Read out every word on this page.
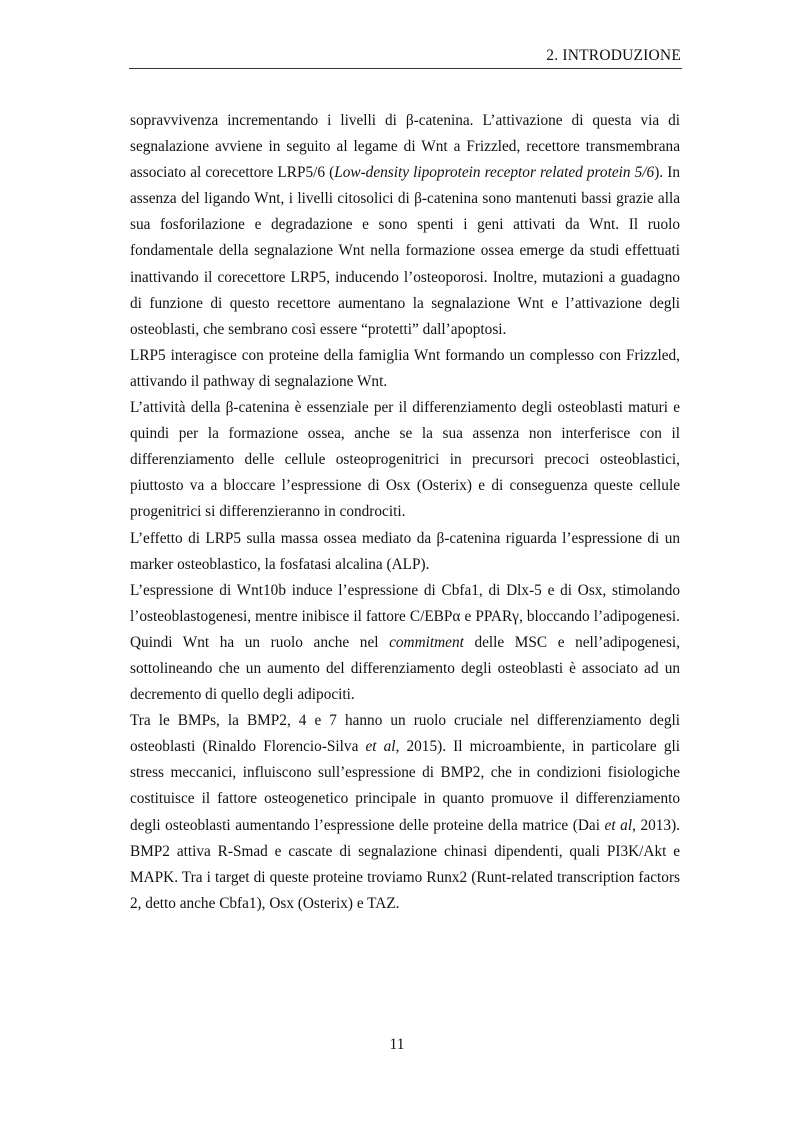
2. INTRODUZIONE

sopravvivenza incrementando i livelli di β-catenina. L’attivazione di questa via di segnalazione avviene in seguito al legame di Wnt a Frizzled, recettore transmembrana associato al corecettore LRP5/6 (Low-density lipoprotein receptor related protein 5/6). In assenza del ligando Wnt, i livelli citosolici di β-catenina sono mantenuti bassi grazie alla sua fosforilazione e degradazione e sono spenti i geni attivati da Wnt. Il ruolo fondamentale della segnalazione Wnt nella formazione ossea emerge da studi effettuati inattivando il corecettore LRP5, inducendo l’osteoporosi. Inoltre, mutazioni a guadagno di funzione di questo recettore aumentano la segnalazione Wnt e l’attivazione degli osteoblasti, che sembrano così essere “protetti” dall’apoptosi.

LRP5 interagisce con proteine della famiglia Wnt formando un complesso con Frizzled, attivando il pathway di segnalazione Wnt.

L’attività della β-catenina è essenziale per il differenziamento degli osteoblasti maturi e quindi per la formazione ossea, anche se la sua assenza non interferisce con il differenziamento delle cellule osteoprogenitrici in precursori precoci osteoblastici, piuttosto va a bloccare l’espressione di Osx (Osterix) e di conseguenza queste cellule progenitrici si differenzieranno in condrociti.

L’effetto di LRP5 sulla massa ossea mediato da β-catenina riguarda l’espressione di un marker osteoblastico, la fosfatasi alcalina (ALP).

L’espressione di Wnt10b induce l’espressione di Cbfa1, di Dlx-5 e di Osx, stimolando l’osteoblastogenesi, mentre inibisce il fattore C/EBPα e PPARγ, bloccando l’adipogenesi. Quindi Wnt ha un ruolo anche nel commitment delle MSC e nell’adipogenesi, sottolineando che un aumento del differenziamento degli osteoblasti è associato ad un decremento di quello degli adipociti.

Tra le BMPs, la BMP2, 4 e 7 hanno un ruolo cruciale nel differenziamento degli osteoblasti (Rinaldo Florencio-Silva et al, 2015). Il microambiente, in particolare gli stress meccanici, influiscono sull’espressione di BMP2, che in condizioni fisiologiche costituisce il fattore osteogenetico principale in quanto promuove il differenziamento degli osteoblasti aumentando l’espressione delle proteine della matrice (Dai et al, 2013). BMP2 attiva R-Smad e cascate di segnalazione chinasi dipendenti, quali PI3K/Akt e MAPK. Tra i target di queste proteine troviamo Runx2 (Runt-related transcription factors 2, detto anche Cbfa1), Osx (Osterix) e TAZ.

11
